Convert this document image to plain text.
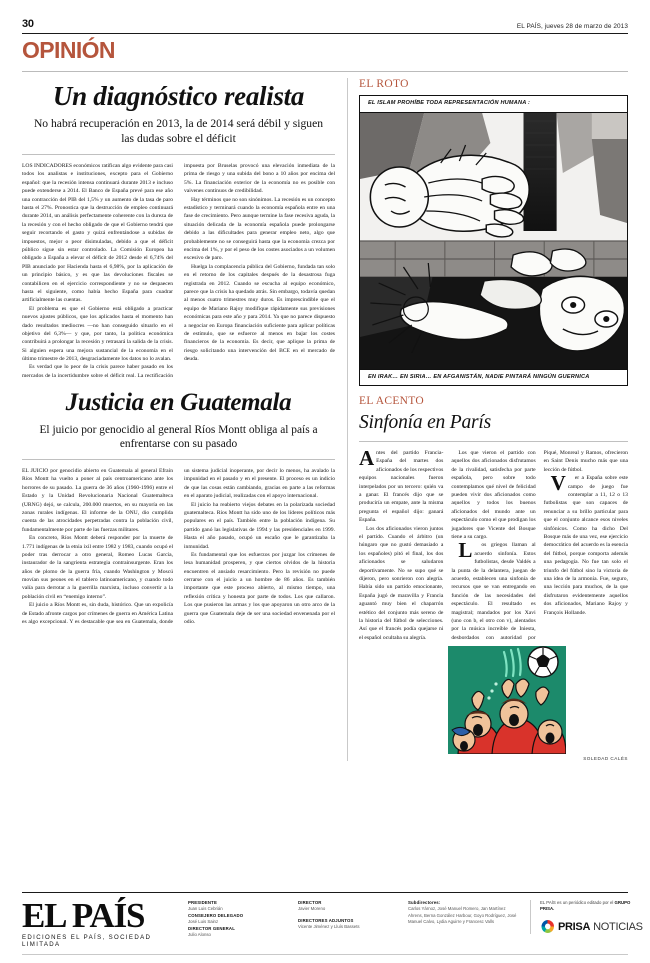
30	EL PAÍS, jueves 28 de marzo de 2013
OPINIÓN
Un diagnóstico realista
No habrá recuperación en 2013, la de 2014 será débil y siguen las dudas sobre el déficit

LOS INDICADORES económicos ratifican algo evidente para casi todos los analistas e instituciones, excepto para el Gobierno español: que la recesión intensa continuará durante 2013 e incluso puede extenderse a 2014. El Banco de España prevé para ese año una contracción del PIB del 1,5% y un aumento de la tasa de paro hasta el 27%. Pronostica que la destrucción de empleo continuará durante 2014, un análisis perfectamente coherente con la dureza de la recesión y con el hecho obligado de que el Gobierno tendrá que seguir recortando el gasto y quizá enfrentándose a subidas de impuestos, mejor o peor disimuladas, debido a que el déficit público sigue sin estar controlado. La Comisión Europea ha obligado a España a elevar el déficit de 2012 desde el 6,74% del PIB anunciado por Hacienda hasta el 6,98%, por la aplicación de un principio básico, y es que las devoluciones fiscales se contabilicen en el ejercicio correspondiente y no se despaecen hasta el siguiente, como había hecho España para cuadrar artificialmente las cuentas.

El problema es que el Gobierno está obligado a practicar nuevos ajustes públicos, que los aplicados hasta el momento han dado resultados mediocres —no han conseguido situarlo en el objetivo del 6,3%— y que, por tanto, la política económica contribuirá a prolongar la recesión y retrasará la salida de la crisis. Si alguien espera una mejora sustancial de la economía en el último trimestre de 2013, desgraciadamente los datos no lo avalan.

Es verdad que lo peor de la crisis parece haber pasado en los mercados de la incertidumbre sobre el déficit real. La rectificación impuesta por Bruselas provocó una elevación inmediata de la prima de riesgo y una subida del bono a 10 años por encima del 5%. La financiación exterior de la economía no es posible con vaivenes continuos de credibilidad.

Hay términos que no son sinónimos. La recesión es un concepto estadístico y terminará cuando la economía española entre en una fase de crecimiento. Pero aunque termine la fase recesiva aguda, la situación delicada de la economía española puede prolongarse debido a las dificultades para generar empleo neto, algo que probablemente no se conseguirá hasta que la economía crezca por encima del 1%, y por el peso de los costes asociados a un volumen excesivo de paro.

Huelga la complacencia pública del Gobierno, fundada tan solo en el retorno de los capitales después de la desastrosa fuga registrada en 2012. Cuando se escucha al equipo económico, parece que la crisis ha quedado atrás. Sin embargo, todavía quedan al menos cuatro trimestres muy duros. Es imprescindible que el equipo de Mariano Rajoy modifique rápidamente sus previsiones económicas para este año y para 2014. Ya que no parece dispuesto a negociar en Europa financiación suficiente para aplicar políticas de estímulo, que se esfuerce al menos en bajar los costes financieros de la economía. Es decir, que aplique la prima de riesgo solicitando una intervención del BCE en el mercado de deuda.

Justicia en Guatemala
El juicio por genocidio al general Ríos Montt obliga al país a enfrentarse con su pasado

EL JUICIO por genocidio abierto en Guatemala al general Efraín Ríos Montt ha vuelto a poner al país centroamericano ante los horrores de su pasado. La guerra de 36 años (1960-1996) entre el Estado y la Unidad Revolucionaria Nacional Guatemalteca (URNG) dejó, se calcula, 200.000 muertos, en su mayoría en las zonas rurales indígenas. El informe de la ONU, dio cumplida cuenta de las atrocidades perpetradas contra la población civil, fundamentalmente por parte de las fuerzas militares.

En concreto, Ríos Montt deberá responder por la muerte de 1.771 indígenas de la etnia ixil entre 1982 y 1983, cuando ocupó el poder tras derrocar a otro general, Romeo Lucas García, instaurador de la sangrienta estrategia contrainsurgente. Eran los años de plomo de la guerra fría, cuando Washington y Moscú movían sus peones en el tablero latinoamericano, y cuando todo valía para derrotar a la guerrilla marxista, incluso convertir a la población civil en “enemigo interno”.

El juicio a Ríos Montt es, sin duda, histórico. Que un expolicía de Estado afronte cargos por crímenes de guerra en América Latina es algo excepcional. Y es destacable que sea en Guatemala, donde un sistema judicial inoperante, por decir lo menos, ha avalado la impunidad en el pasado y en el presente. El proceso es un indicio de que las cosas están cambiando, gracias en parte a las reformas en el aparato judicial, realizadas con el apoyo internacional.

El juicio ha reabierto viejos debates en la polarizada sociedad guatemalteca. Ríos Montt ha sido uno de los líderes políticos más populares en el país. También entre la población indígena. Su partido ganó las legislativas de 1994 y las presidenciales en 1999. Hasta el año pasado, ocupó un escaño que le garantizaba la inmunidad.

Es fundamental que los esfuerzos por juzgar los crímenes de lesa humanidad prosperen, y que ciertos olvidos de la historia encuentren el ansiado resarcimiento. Pero la revisión no puede cerrarse con el juicio a un hombre de 86 años. Es también importante que este proceso abierto, al mismo tiempo, una reflexión crítica y honesta por parte de todos. Los que callaron. Los que pusieron las armas y los que apoyaron un otro arco de la guerra que Guatemala deje de ser una sociedad envenenada por el odio.

EL ROTO
EL ISLAM PROHÍBE TODA REPRESENTACIÓN HUMANA :
EN IRAK… EN SIRIA… EN AFGANISTÁN, NADIE PINTARÁ NINGÚN GUERNICA
EL ACENTO
Sinfonía en París

Antes del partido Francia-España del martes dos aficionados de los respectivos equipos nacionales fueron interpelados por un tercero: quién va a ganar. El francés dijo que se produciría un empate, ante la misma pregunta el español dijo: ganará España.

Los dos aficionados vieron juntos el partido. Cuando el árbitro (un húngaro que no gustó demasiado a los españoles) pitó el final, los dos aficionados se saludaron deportivamente. No se supo qué se dijeron, pero sonrieron con alegría. Había sido un partido emocionante, España jugó de maravilla y Francia aguantó muy bien el chaparrón estético del conjunto más sereno de la historia del fútbol de selecciones. Así que el francés podía quejarse ni el español ocultaba su alegría.

Los que vieron el partido con aquellos dos aficionados disfrutamos de la rivalidad, satisfecha por parte española, pero sobre todo contemplamos qué nivel de felicidad pueden vivir dos aficionados como aquellos y todos los buenos aficionados del mundo ante un espectáculo como el que prodigan los jugadores que Vicente del Bosque tiene a su cargo.

Los griegos llaman al acuerdo sinfonía. Estos futbolistas, desde Valdés a la punta de la delantera, juegan de acuerdo, establecen una sinfonía de recursos que se van entregando en función de las necesidades del espectáculo. El resultado es magistral; mandados por los Xavi (uno con b, el otro con v), alentados por la música increíble de Iniesta, desbordados con autoridad por Piqué, Monreal y Ramos, ofrecieron en Saint Denis mucho más que una lección de fútbol.

Ver a España sobre este campo de juego fue contemplar a 11, 12 o 13 futbolistas que son capaces de renunciar a su brillo particular para que el conjunto alcance esos niveles sinfónicos. Como ha dicho Del Bosque más de una vez, ese ejercicio democrático del acuerdo es la esencia del fútbol, porque comporta además una pedagogía. No fue tan solo el triunfo del fútbol sino la victoria de una idea de la armonía. Fue, seguro, una lección para muchos, de la que disfrutaron evidentemente aquellos dos aficionados, Mariano Rajoy y François Hollande.

SOLEDAD CALÉS
EL PAÍS
EDICIONES EL PAÍS, SOCIEDAD LIMITADA
PRESIDENTE
Juan Luis Cebrián
CONSEJERO DELEGADO
José Luis Sainz
DIRECTOR GENERAL
Julio Alonso
DIRECTOR
Javier Moreno
DIRECTORES ADJUNTOS
Vicente Jiménez y Lluís Bassets
Subdirectores:
Carlos Yárnoz, José Manuel Romero, Jan Martínez Ahrens, Berna González Harbour, Goyo Rodríguez, José Manuel Calvo, Lydia Aguirre y Francesc Valls
EL PAÍS es un periódico editado por el GRUPO PRISA.
PRISA NOTICIAS
